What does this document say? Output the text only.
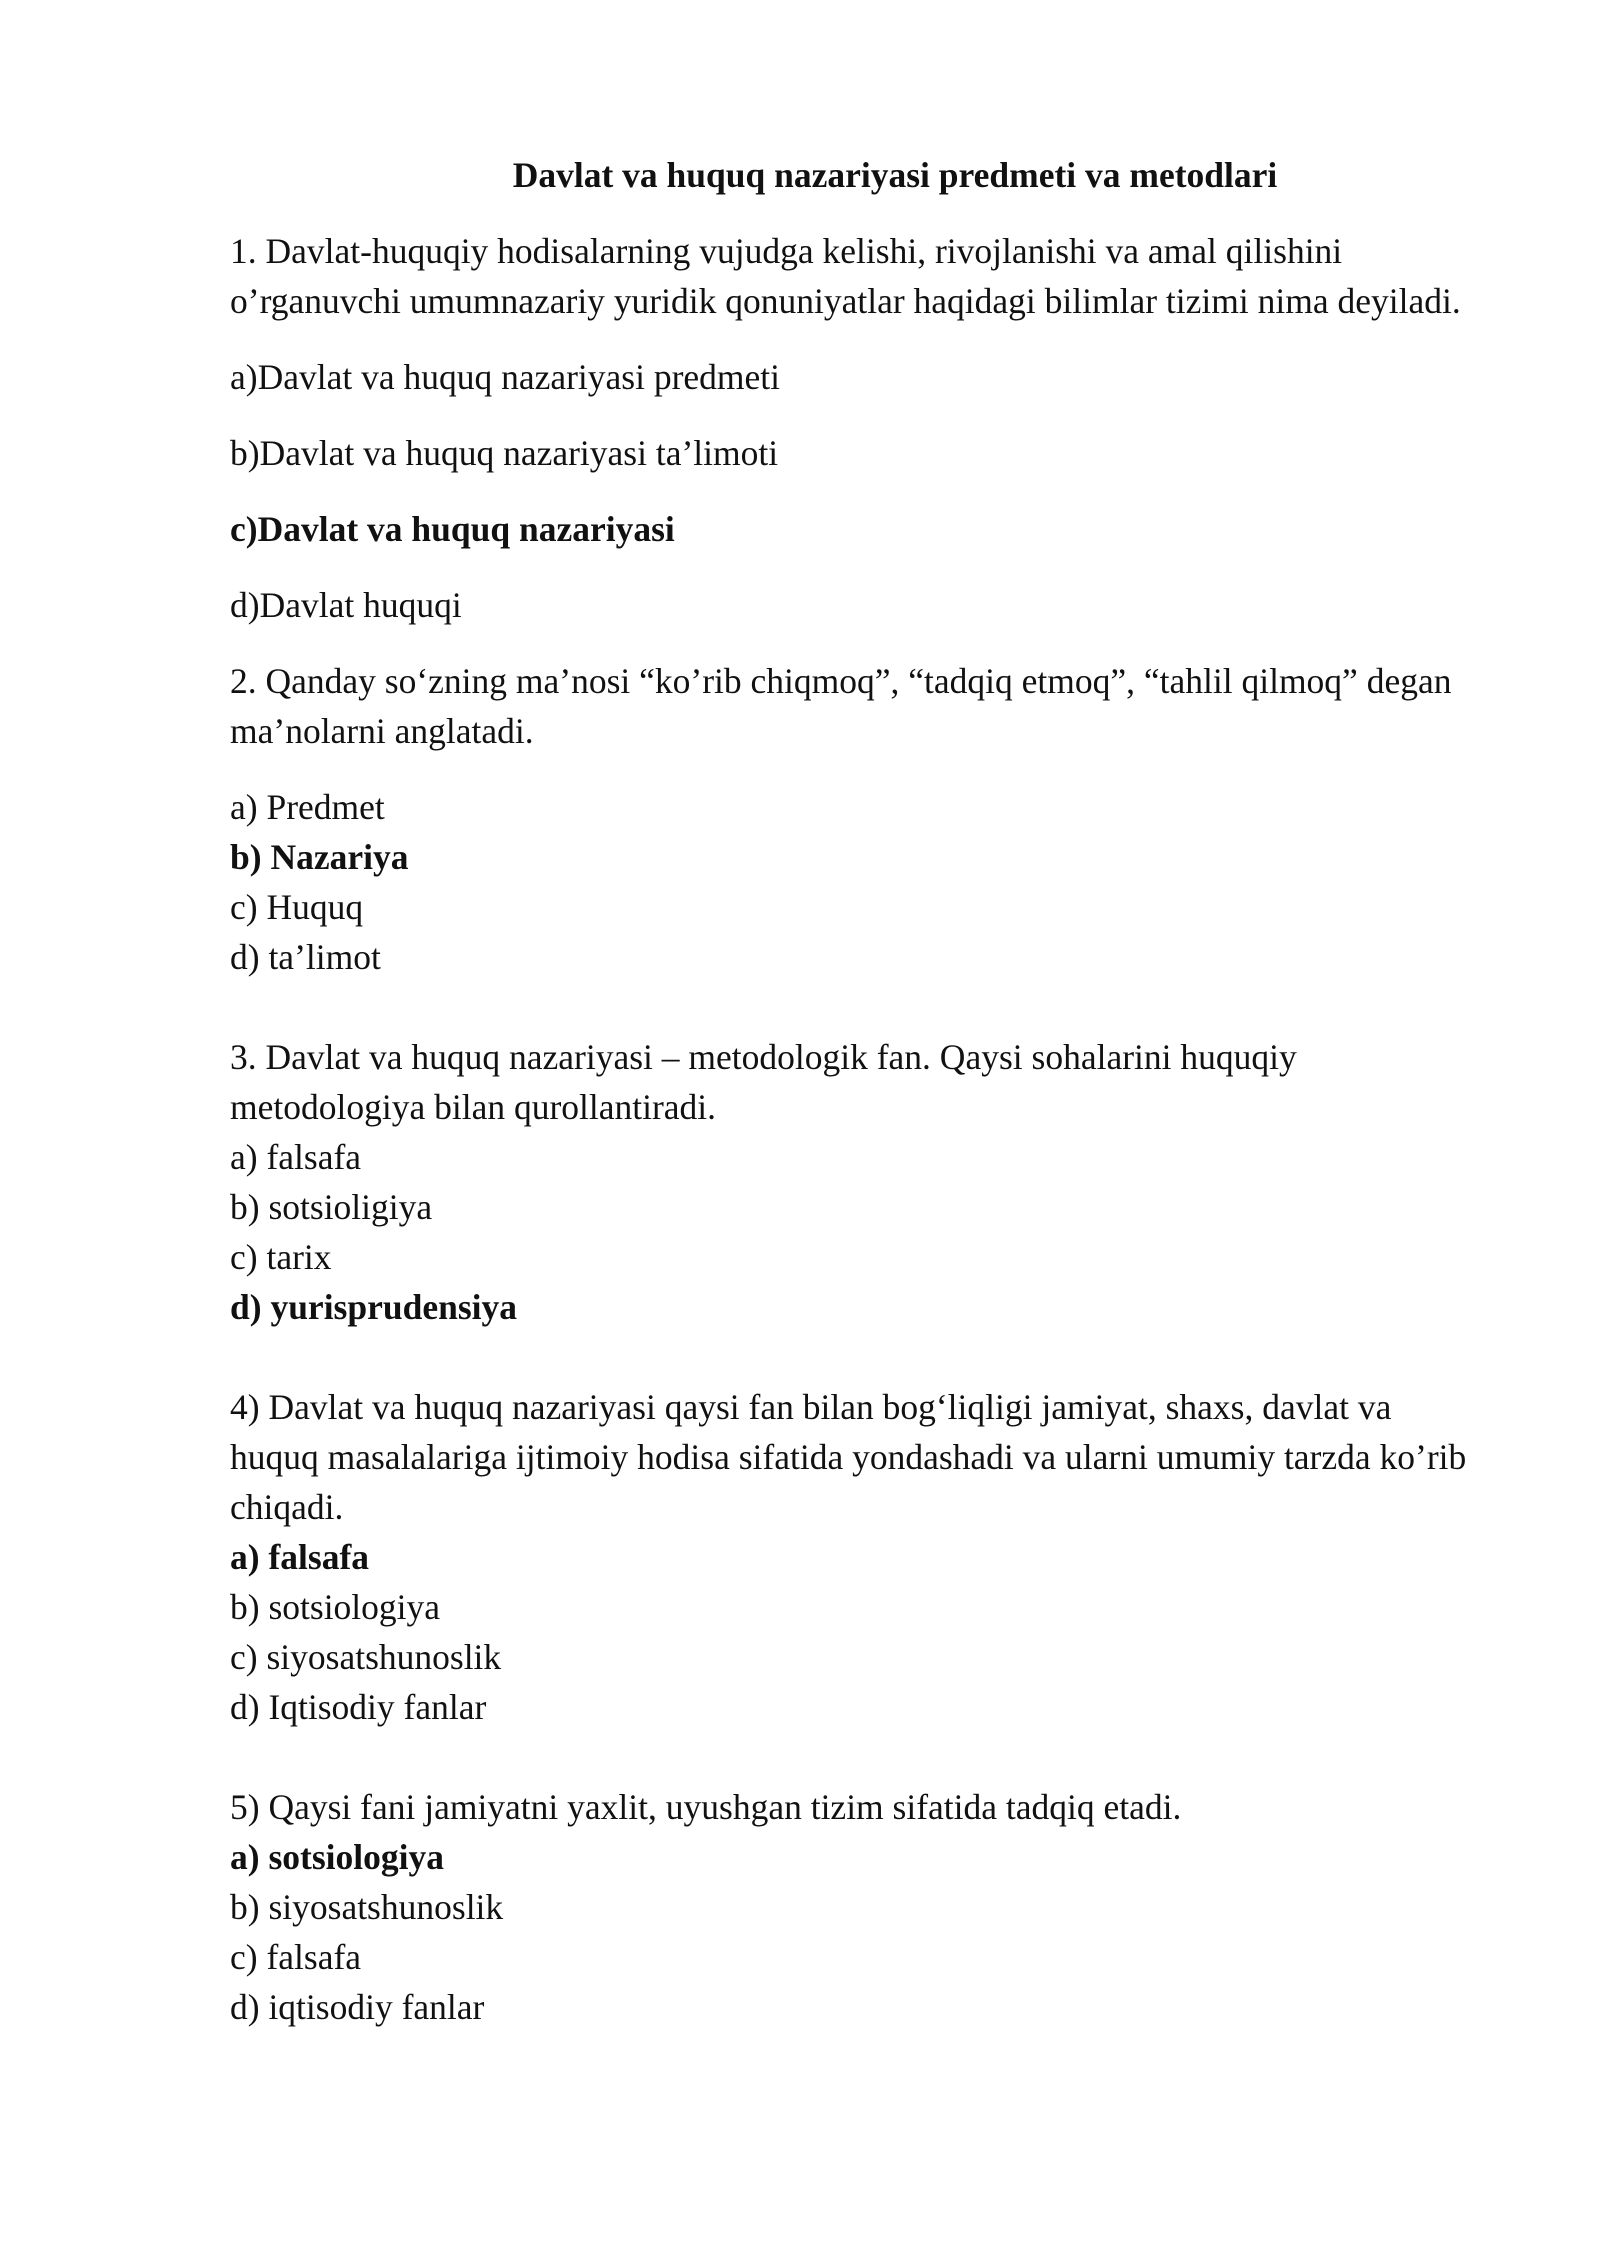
Davlat va huquq nazariyasi predmeti va metodlari

1. Davlat-huquqiy hodisalarning vujudga kelishi, rivojlanishi va amal qilishini o’rganuvchi umumnazariy yuridik qonuniyatlar haqidagi bilimlar tizimi nima deyiladi.

a)Davlat va huquq nazariyasi predmeti

b)Davlat va huquq nazariyasi ta’limoti

c)Davlat va huquq nazariyasi

d)Davlat huquqi

2. Qanday so‘zning ma’nosi “ko’rib chiqmoq”, “tadqiq etmoq”, “tahlil qilmoq” degan ma’nolarni anglatadi.

a) Predmet

b) Nazariya

c) Huquq

d) ta’limot

3. Davlat va huquq nazariyasi – metodologik fan. Qaysi sohalarini huquqiy metodologiya bilan qurollantiradi.

a) falsafa

b) sotsioligiya

c) tarix

d) yurisprudensiya

4) Davlat va huquq nazariyasi qaysi fan bilan bog‘liqligi jamiyat, shaxs, davlat va huquq masalalariga ijtimoiy hodisa sifatida yondashadi va ularni umumiy tarzda ko’rib chiqadi.

a) falsafa

b) sotsiologiya

c) siyosatshunoslik

d) Iqtisodiy fanlar

5) Qaysi fani jamiyatni yaxlit, uyushgan tizim sifatida tadqiq etadi.

a) sotsiologiya

b) siyosatshunoslik

c) falsafa

d) iqtisodiy fanlar
